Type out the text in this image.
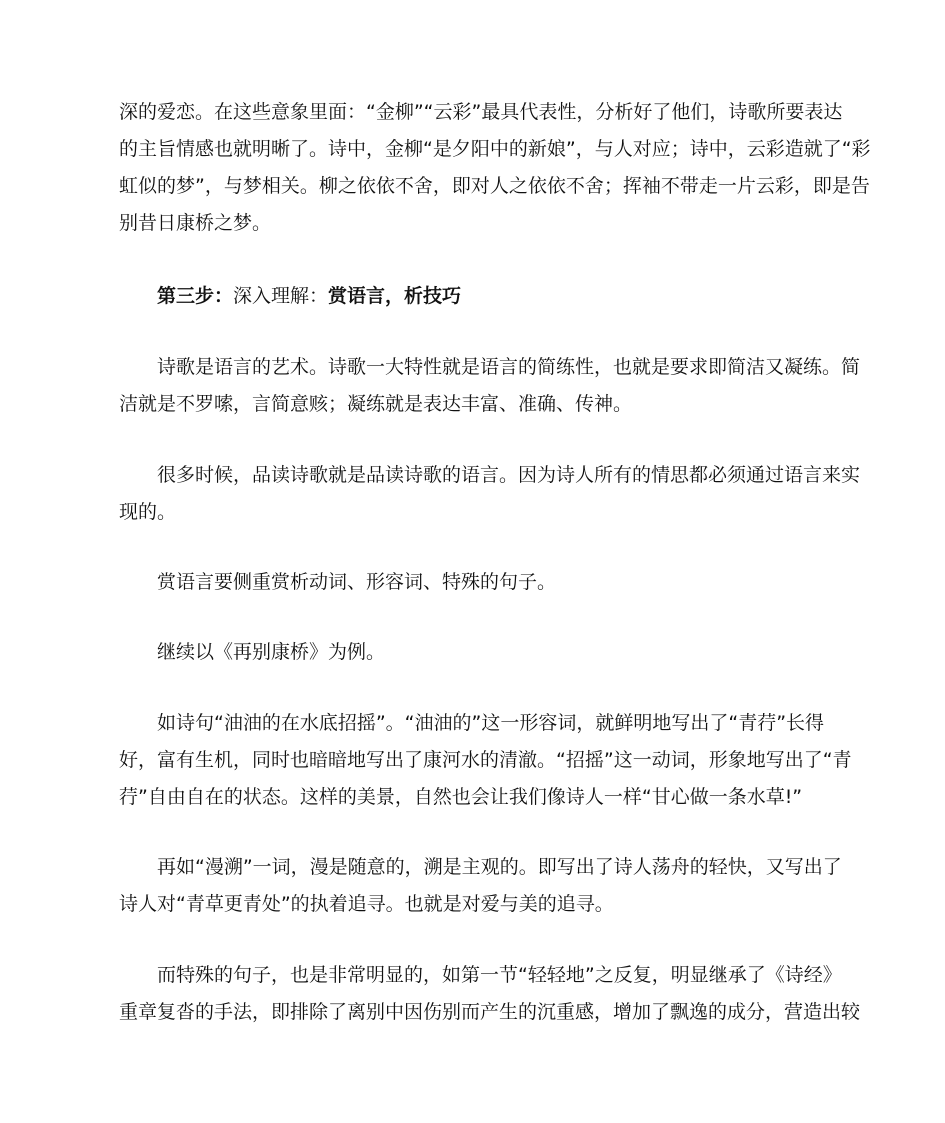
深的爱恋。在这些意象里面：“金柳”“云彩”最具代表性，分析好了他们，诗歌所要表达
的主旨情感也就明晰了。诗中，金柳“是夕阳中的新娘”，与人对应；诗中，云彩造就了“彩
虹似的梦”，与梦相关。柳之依依不舍，即对人之依依不舍；挥袖不带走一片云彩，即是告
别昔日康桥之梦。
第三步：深入理解：赏语言，析技巧
诗歌是语言的艺术。诗歌一大特性就是语言的简练性，也就是要求即简洁又凝练。简
洁就是不罗嗦，言简意赅；凝练就是表达丰富、准确、传神。
很多时候，品读诗歌就是品读诗歌的语言。因为诗人所有的情思都必须通过语言来实
现的。
赏语言要侧重赏析动词、形容词、特殊的句子。
继续以《再别康桥》为例。
如诗句“油油的在水底招摇”。“油油的”这一形容词，就鲜明地写出了“青荇”长得
好，富有生机，同时也暗暗地写出了康河水的清澈。“招摇”这一动词，形象地写出了“青
荇”自由自在的状态。这样的美景，自然也会让我们像诗人一样“甘心做一条水草!”
再如“漫溯”一词，漫是随意的，溯是主观的。即写出了诗人荡舟的轻快，又写出了
诗人对“青草更青处”的执着追寻。也就是对爱与美的追寻。
而特殊的句子，也是非常明显的，如第一节“轻轻地”之反复，明显继承了《诗经》
重章复沓的手法，即排除了离别中因伤别而产生的沉重感，增加了飘逸的成分，营造出较
